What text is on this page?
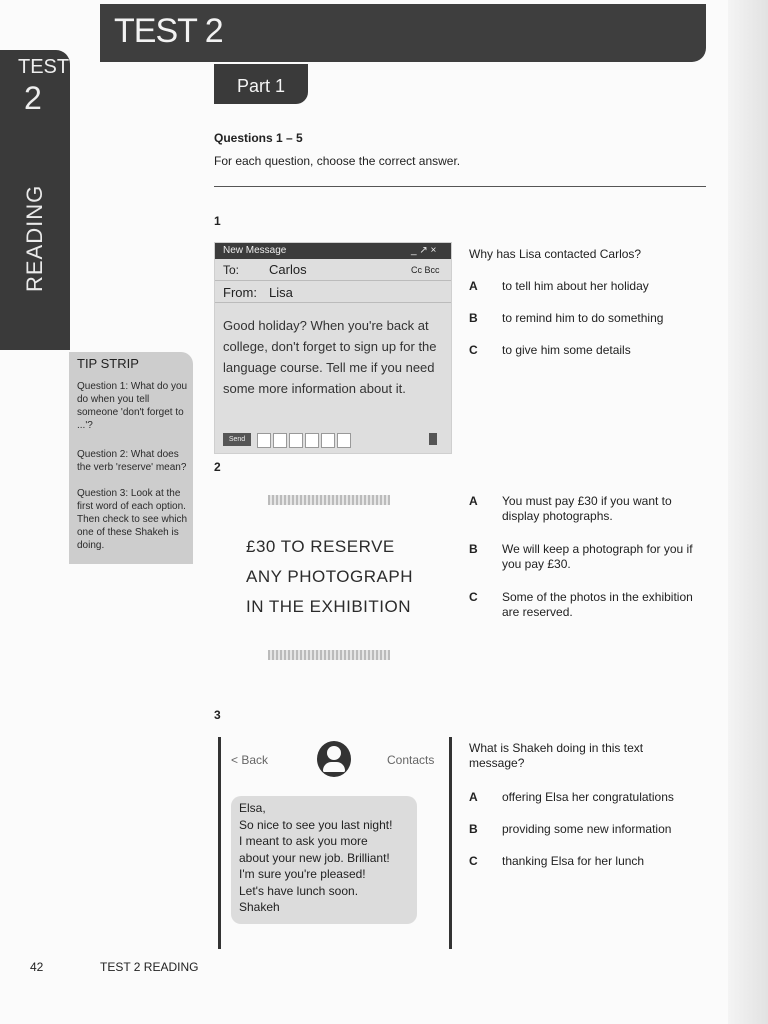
TEST 2
TEST
2
READING
Part 1
Questions 1 – 5
For each question, choose the correct answer.
1
New Message	_ ↗ ×
To: Carlos	Cc Bcc
From: Lisa
Good holiday? When you're back at college, don't forget to sign up for the language course. Tell me if you need some more information about it.
Send
Why has Lisa contacted Carlos?
A to tell him about her holiday
B to remind him to do something
C to give him some details
TIP STRIP
Question 1: What do you do when you tell someone 'don't forget to ...'?
Question 2: What does the verb 'reserve' mean?
Question 3: Look at the first word of each option. Then check to see which one of these Shakeh is doing.
2
£30 TO RESERVE
ANY PHOTOGRAPH
IN THE EXHIBITION
A You must pay £30 if you want to display photographs.
B We will keep a photograph for you if you pay £30.
C Some of the photos in the exhibition are reserved.
3
< Back	Contacts
Elsa,
So nice to see you last night!
I meant to ask you more
about your new job. Brilliant!
I'm sure you're pleased!
Let's have lunch soon.
Shakeh
What is Shakeh doing in this text message?
A offering Elsa her congratulations
B providing some new information
C thanking Elsa for her lunch
42	TEST 2 READING
